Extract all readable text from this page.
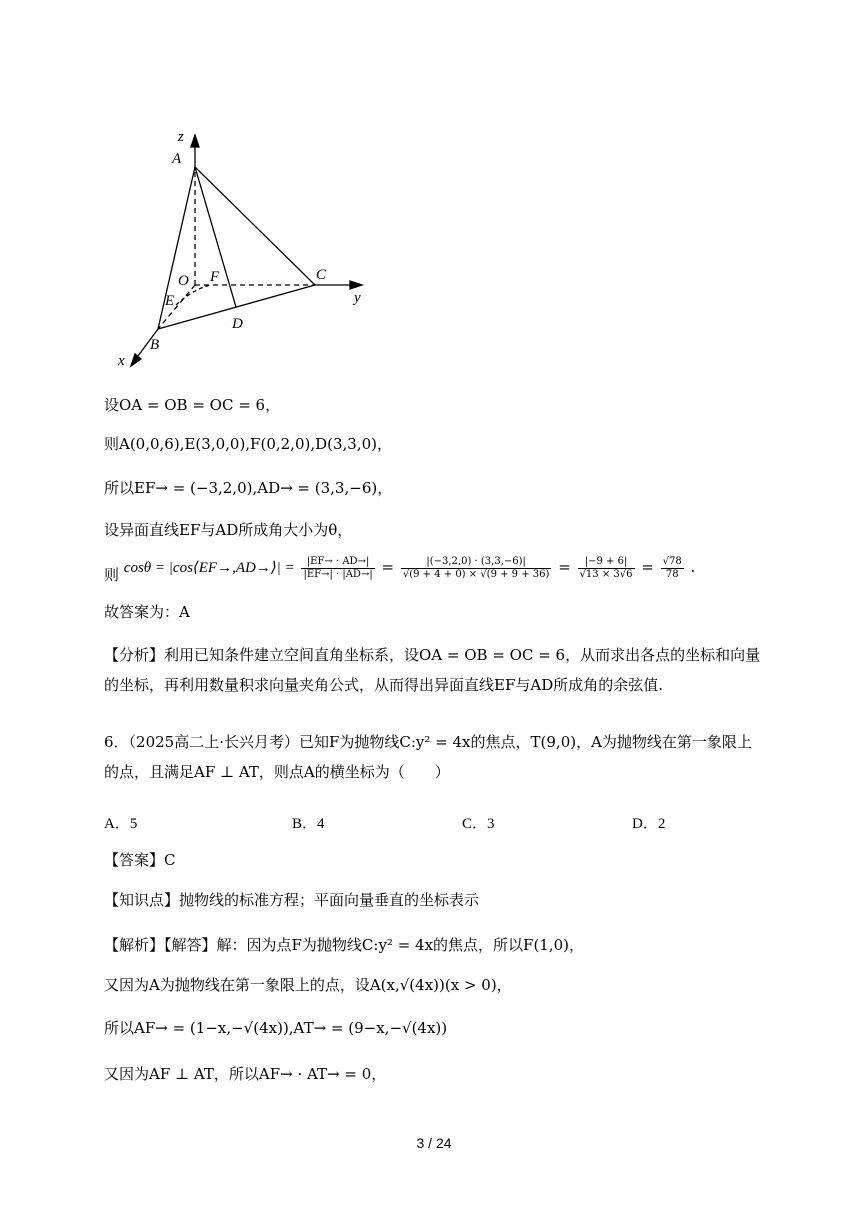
z
A
O F	C
y
E
D
B
x
设OA = OB = OC = 6，
则A(0,0,6),E(3,0,0),F(0,2,0),D(3,3,0)，
所以EF→ = (−3,2,0),AD→ = (3,3,−6)，
设异面直线EF与AD所成角大小为θ，
则 cosθ = |cos⟨EF→,AD→⟩| = $\frac{|EF\to \cdot AD\to|}{|EF\to| \cdot |AD\to|} = \frac{|(-3,2,0) \cdot (3,3,-6)|}{√(9 + 4 + 0) \times √(9 + 9 + 36)} = \frac{|-9 + 6|}{√13 \times 3√6} = \frac{√78}{78}$ .
故答案为：A
【分析】利用已知条件建立空间直角坐标系，设OA = OB = OC = 6，从而求出各点的坐标和向量的坐标，再利用数量积求向量夹角公式，从而得出异面直线EF与AD所成角的余弦值.
6．（2025高二上·长兴月考）已知F为抛物线C:y² = 4x的焦点，T(9,0)，A为抛物线在第一象限上的点，且满足AF ⊥ AT，则点A的横坐标为（　　）
A．5	B．4	C．3	D．2
【答案】C
【知识点】抛物线的标准方程；平面向量垂直的坐标表示
【解析】【解答】解：因为点F为抛物线C:y² = 4x的焦点，所以F(1,0)，
又因为A为抛物线在第一象限上的点，设A(x,√(4x))(x > 0)，
所以AF→ = (1−x,−√(4x)),AT→ = (9−x,−√(4x))
又因为AF ⊥ AT，所以AF→ · AT→ = 0，
3 / 24
